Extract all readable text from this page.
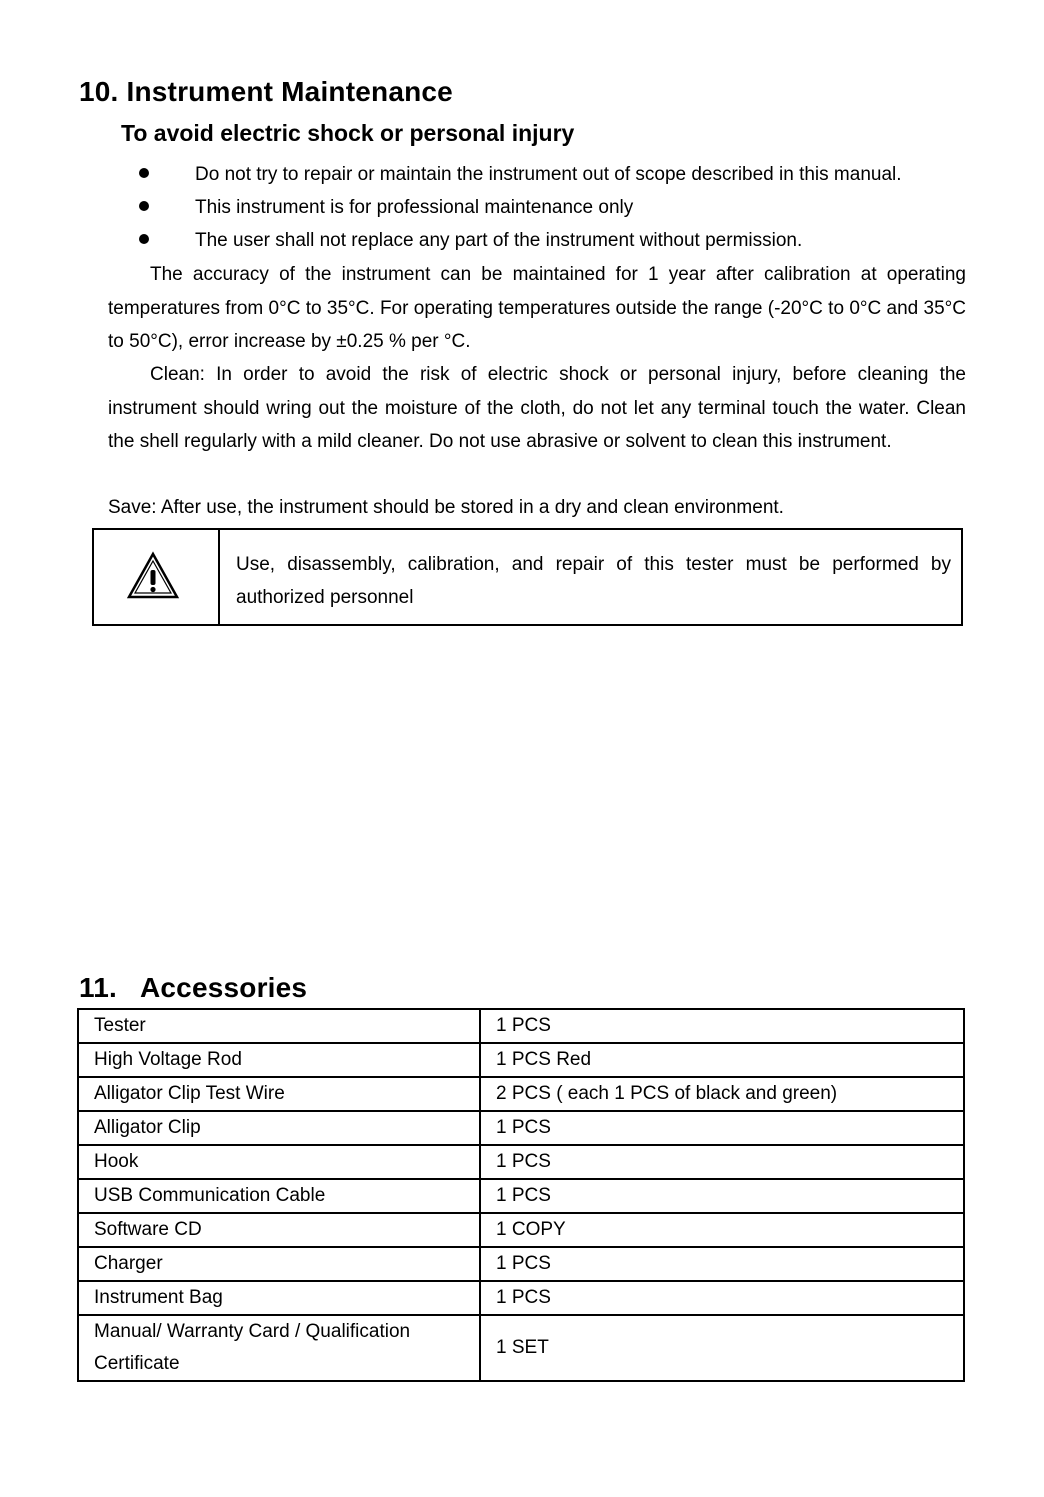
10. Instrument Maintenance
To avoid electric shock or personal injury
Do not try to repair or maintain the instrument out of scope described in this manual.
This instrument is for professional maintenance only
The user shall not replace any part of the instrument without permission.
The accuracy of the instrument can be maintained for 1 year after calibration at operating temperatures from 0°C to 35°C. For operating temperatures outside the range (-20°C to 0°C and 35°C to 50°C), error increase by ±0.25 % per °C.
Clean: In order to avoid the risk of electric shock or personal injury, before cleaning the instrument should wring out the moisture of the cloth, do not let any terminal touch the water. Clean the shell regularly with a mild cleaner. Do not use abrasive or solvent to clean this instrument.
Save: After use, the instrument should be stored in a dry and clean environment.
Use, disassembly, calibration, and repair of this tester must be performed by authorized personnel
11. Accessories
Tester	1 PCS
High Voltage Rod	1 PCS Red
Alligator Clip Test Wire	2 PCS ( each 1 PCS of black and green)
Alligator Clip	1 PCS
Hook	1 PCS
USB Communication Cable	1 PCS
Software CD	1 COPY
Charger	1 PCS
Instrument Bag	1 PCS
Manual/ Warranty Card / Qualification Certificate	1 SET
